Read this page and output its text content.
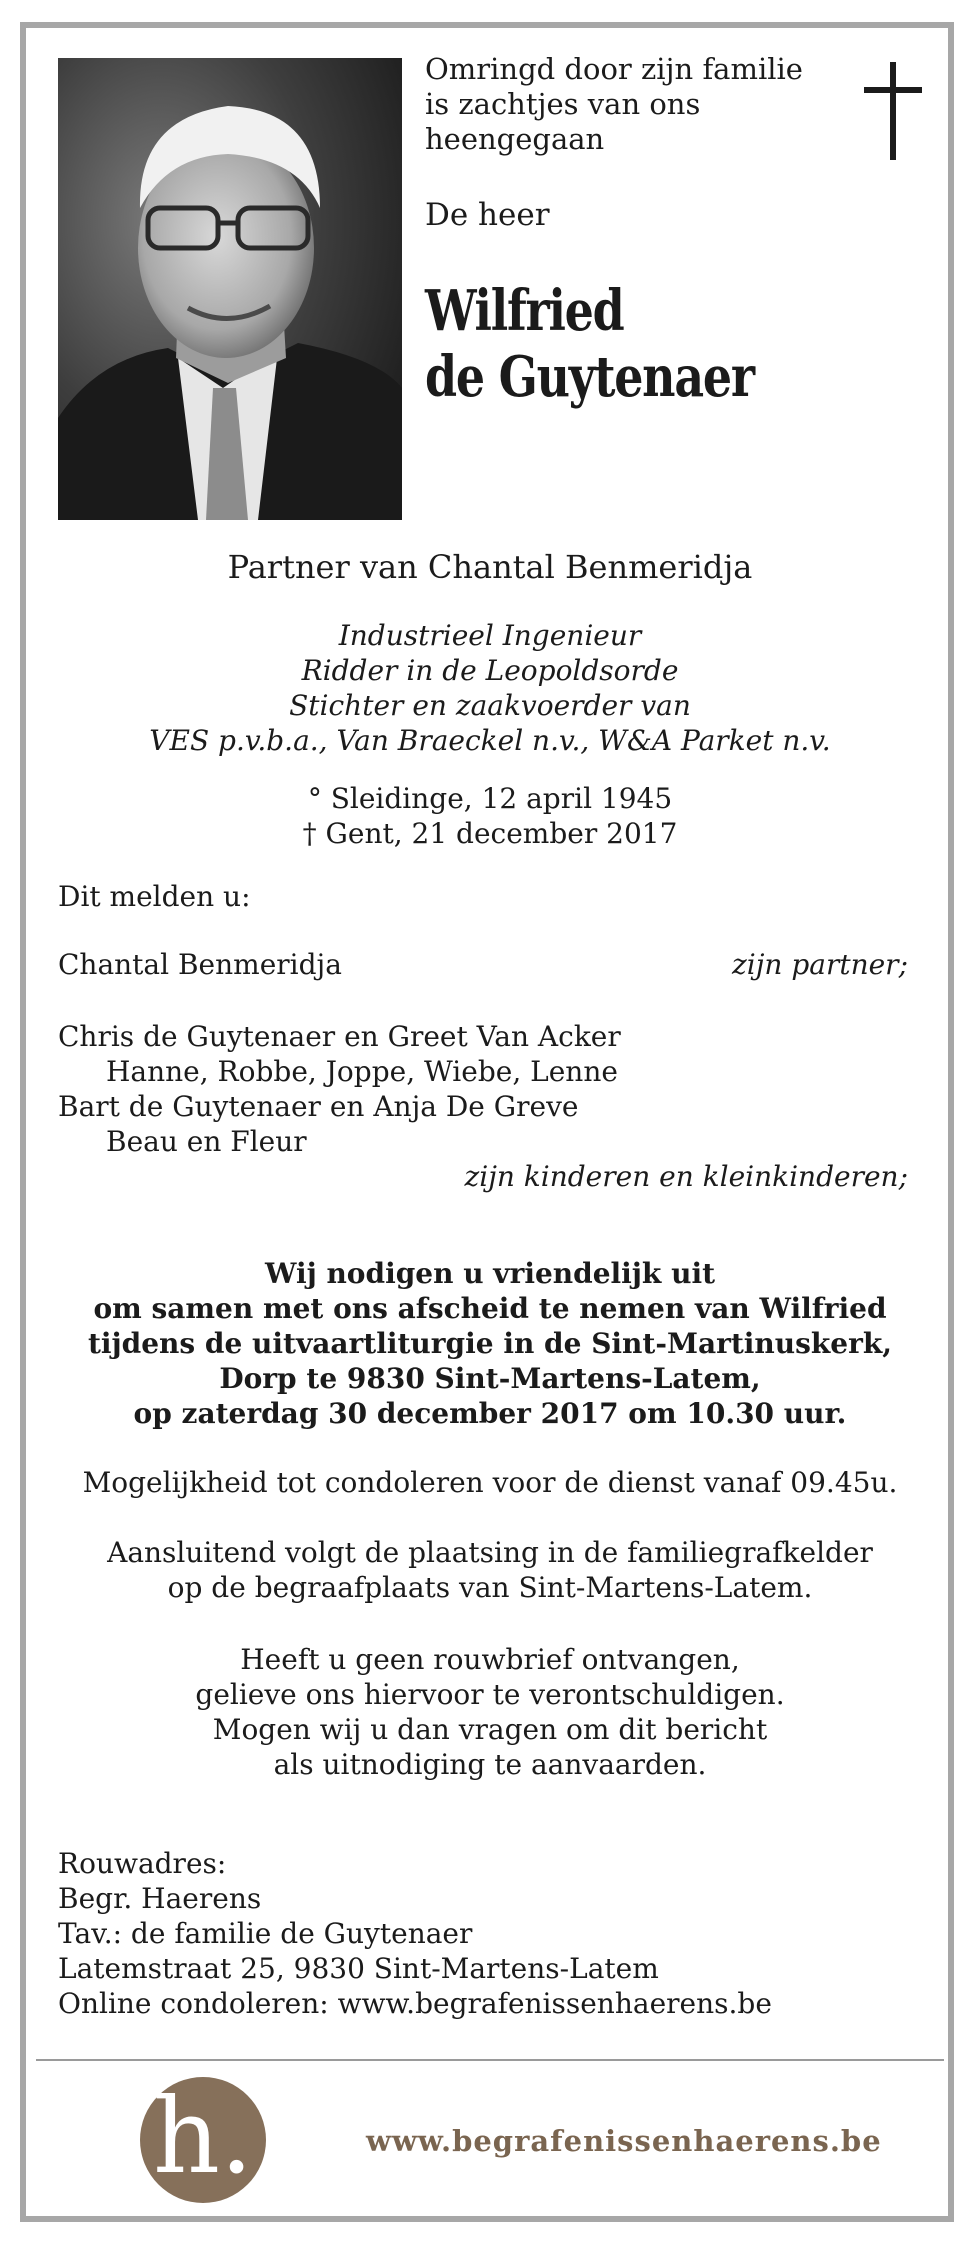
Omringd door zijn familie
is zachtjes van ons
heengegaan
De heer
Wilfried
de Guytenaer
Partner van Chantal Benmeridja
Industrieel Ingenieur
Ridder in de Leopoldsorde
Stichter en zaakvoerder van
VES p.v.b.a., Van Braeckel n.v., W&A Parket n.v.
° Sleidinge, 12 april 1945
† Gent, 21 december 2017
Dit melden u:
Chantal Benmeridja	zijn partner;
Chris de Guytenaer en Greet Van Acker
Hanne, Robbe, Joppe, Wiebe, Lenne
Bart de Guytenaer en Anja De Greve
Beau en Fleur
zijn kinderen en kleinkinderen;
Wij nodigen u vriendelijk uit
om samen met ons afscheid te nemen van Wilfried
tijdens de uitvaartliturgie in de Sint-Martinuskerk,
Dorp te 9830 Sint-Martens-Latem,
op zaterdag 30 december 2017 om 10.30 uur.
Mogelijkheid tot condoleren voor de dienst vanaf 09.45u.
Aansluitend volgt de plaatsing in de familiegrafkelder
op de begraafplaats van Sint-Martens-Latem.
Heeft u geen rouwbrief ontvangen,
gelieve ons hiervoor te verontschuldigen.
Mogen wij u dan vragen om dit bericht
als uitnodiging te aanvaarden.
Rouwadres:
Begr. Haerens
Tav.: de familie de Guytenaer
Latemstraat 25, 9830 Sint-Martens-Latem
Online condoleren: www.begrafenissenhaerens.be
h.	www.begrafenissenhaerens.be
